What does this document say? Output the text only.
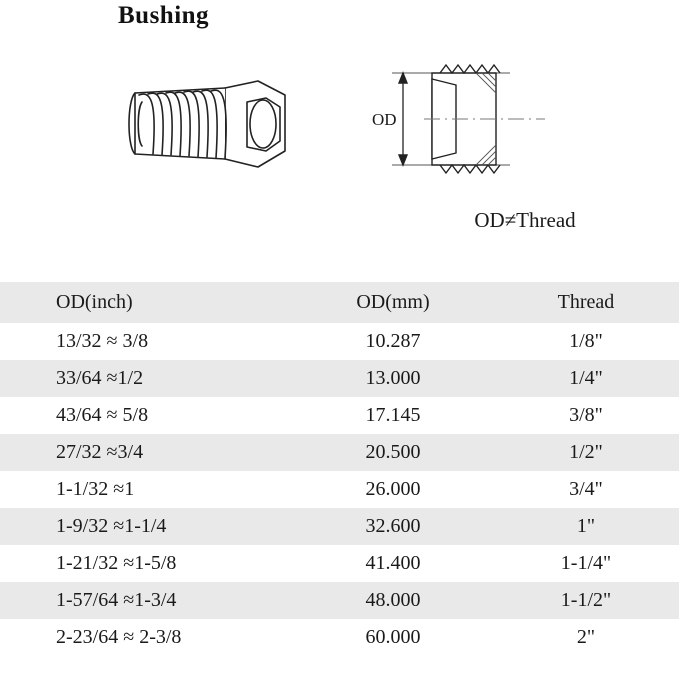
Bushing
OD
OD≠Thread
OD(inch)	OD(mm)	Thread
13/32 ≈ 3/8	10.287	1/8"
33/64 ≈1/2	13.000	1/4"
43/64 ≈ 5/8	17.145	3/8"
27/32 ≈3/4	20.500	1/2"
1-1/32 ≈1	26.000	3/4"
1-9/32 ≈1-1/4	32.600	1"
1-21/32 ≈1-5/8	41.400	1-1/4"
1-57/64 ≈1-3/4	48.000	1-1/2"
2-23/64 ≈ 2-3/8	60.000	2"
